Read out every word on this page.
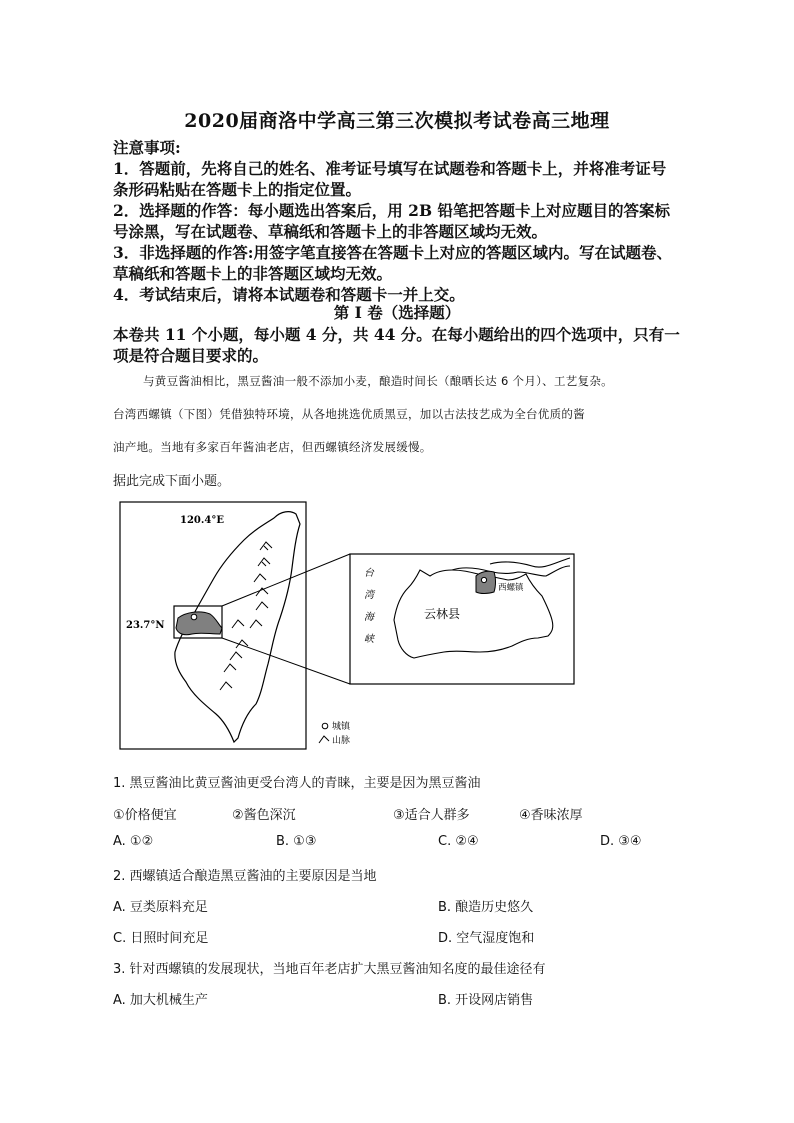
2020届商洛中学高三第三次模拟考试卷高三地理
注意事项:
1．答题前，先将自己的姓名、准考证号填写在试题卷和答题卡上，并将准考证号
条形码粘贴在答题卡上的指定位置。
2．选择题的作答：每小题选出答案后，用 2B 铅笔把答题卡上对应题目的答案标
号涂黑，写在试题卷、草稿纸和答题卡上的非答题区域均无效。
3．非选择题的作答:用签字笔直接答在答题卡上对应的答题区域内。写在试题卷、
草稿纸和答题卡上的非答题区域均无效。
4．考试结束后，请将本试题卷和答题卡一并上交。
第 I 卷（选择题）
本卷共 11 个小题，每小题 4 分，共 44 分。在每小题给出的四个选项中，只有一
项是符合题目要求的。
与黄豆酱油相比，黑豆酱油一般不添加小麦，酿造时间长（酿晒长达 6 个月）、工艺复杂。
台湾西螺镇（下图）凭借独特环境，从各地挑选优质黑豆，加以古法技艺成为全台优质的酱
油产地。当地有多家百年酱油老店，但西螺镇经济发展缓慢。
据此完成下面小题。
120.4°E
23.7°N
城镇
山脉
西螺镇
云林县
台
湾
海
峡
1. 黑豆酱油比黄豆酱油更受台湾人的青睐，主要是因为黑豆酱油
①价格便宜	②酱色深沉	③适合人群多	④香味浓厚
A. ①②	B. ①③	C. ②④	D. ③④
2. 西螺镇适合酿造黑豆酱油的主要原因是当地
A. 豆类原料充足	B. 酿造历史悠久
C. 日照时间充足	D. 空气湿度饱和
3. 针对西螺镇的发展现状，当地百年老店扩大黑豆酱油知名度的最佳途径有
A. 加大机械生产	B. 开设网店销售
